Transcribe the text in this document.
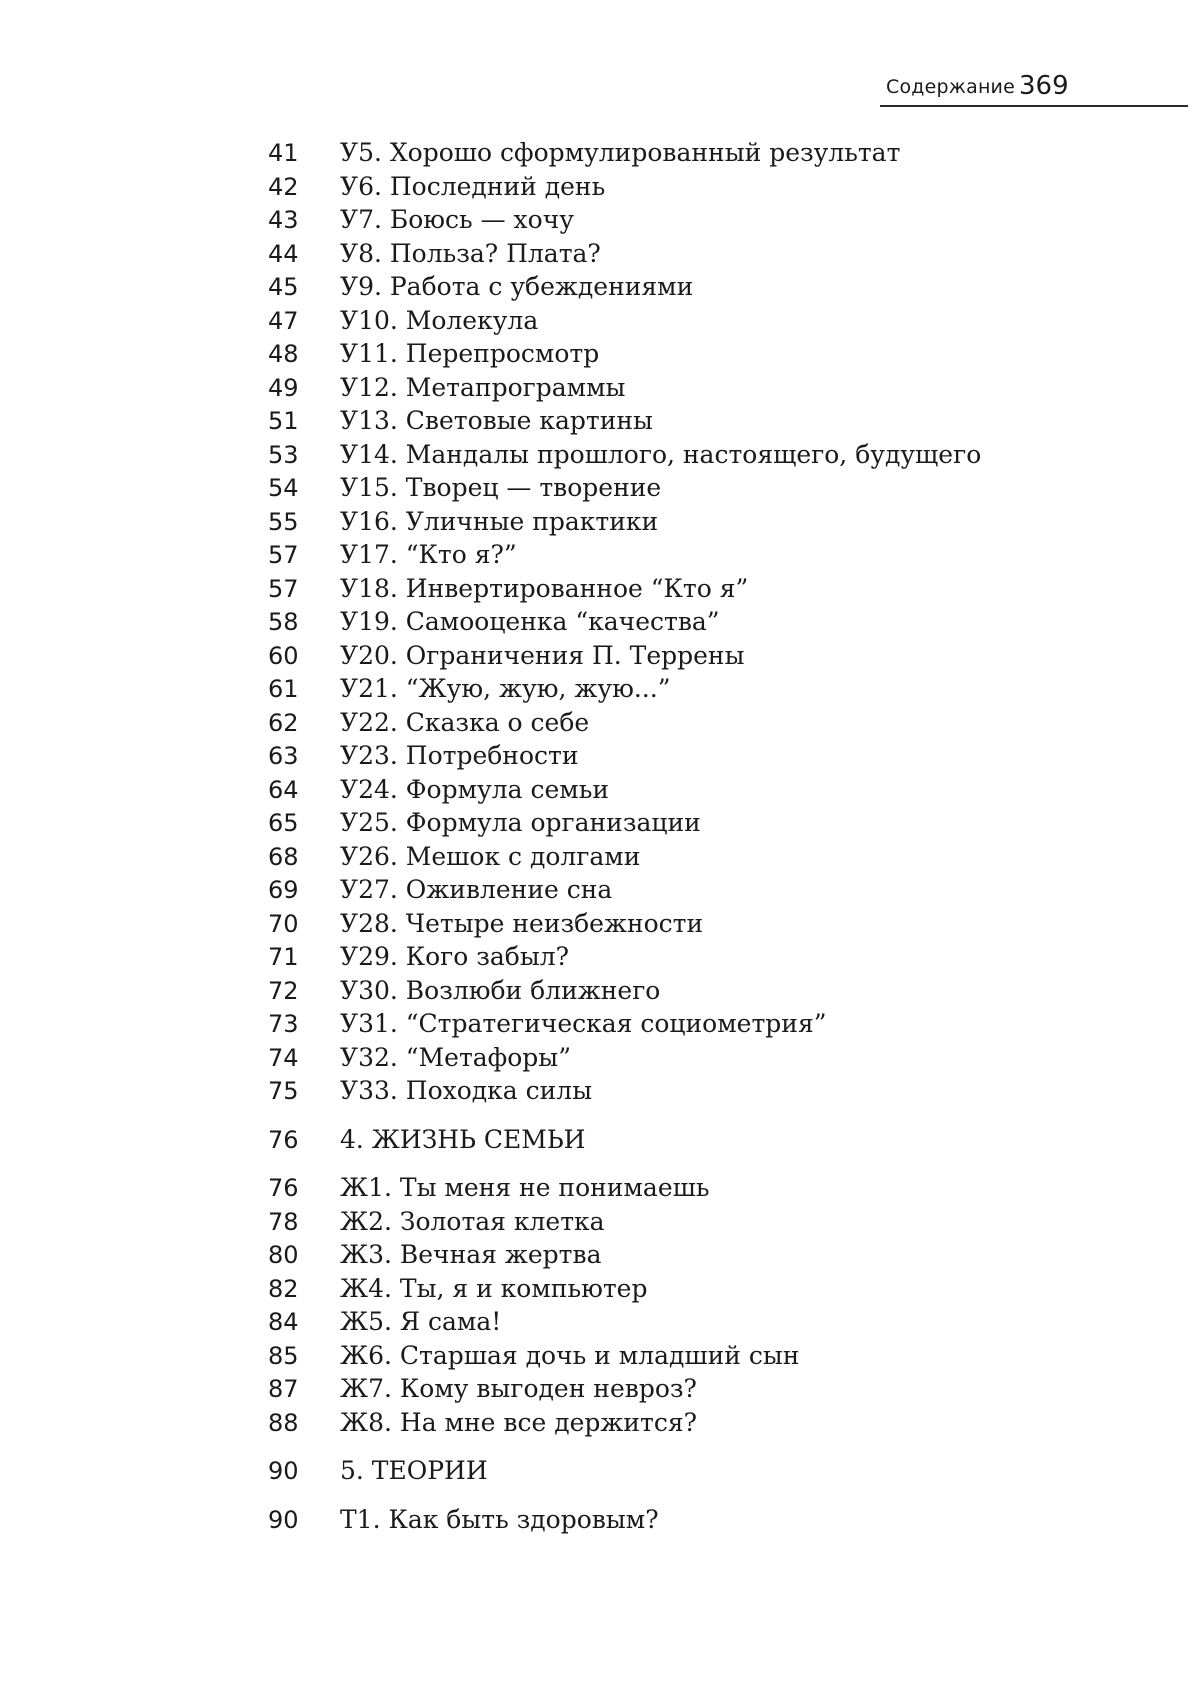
Содержание 369
41	У5. Хорошо сформулированный результат
42	У6. Последний день
43	У7. Боюсь — хочу
44	У8. Польза? Плата?
45	У9. Работа с убеждениями
47	У10. Молекула
48	У11. Перепросмотр
49	У12. Метапрограммы
51	У13. Световые картины
53	У14. Мандалы прошлого, настоящего, будущего
54	У15. Творец — творение
55	У16. Уличные практики
57	У17. “Кто я?”
57	У18. Инвертированное “Кто я”
58	У19. Самооценка “качества”
60	У20. Ограничения П. Террены
61	У21. “Жую, жую, жую...”
62	У22. Сказка о себе
63	У23. Потребности
64	У24. Формула семьи
65	У25. Формула организации
68	У26. Мешок с долгами
69	У27. Оживление сна
70	У28. Четыре неизбежности
71	У29. Кого забыл?
72	У30. Возлюби ближнего
73	У31. “Стратегическая социометрия”
74	У32. “Метафоры”
75	У33. Походка силы
76	4. ЖИЗНЬ СЕМЬИ
76	Ж1. Ты меня не понимаешь
78	Ж2. Золотая клетка
80	Ж3. Вечная жертва
82	Ж4. Ты, я и компьютер
84	Ж5. Я сама!
85	Ж6. Старшая дочь и младший сын
87	Ж7. Кому выгоден невроз?
88	Ж8. На мне все держится?
90	5. ТЕОРИИ
90	Т1. Как быть здоровым?
